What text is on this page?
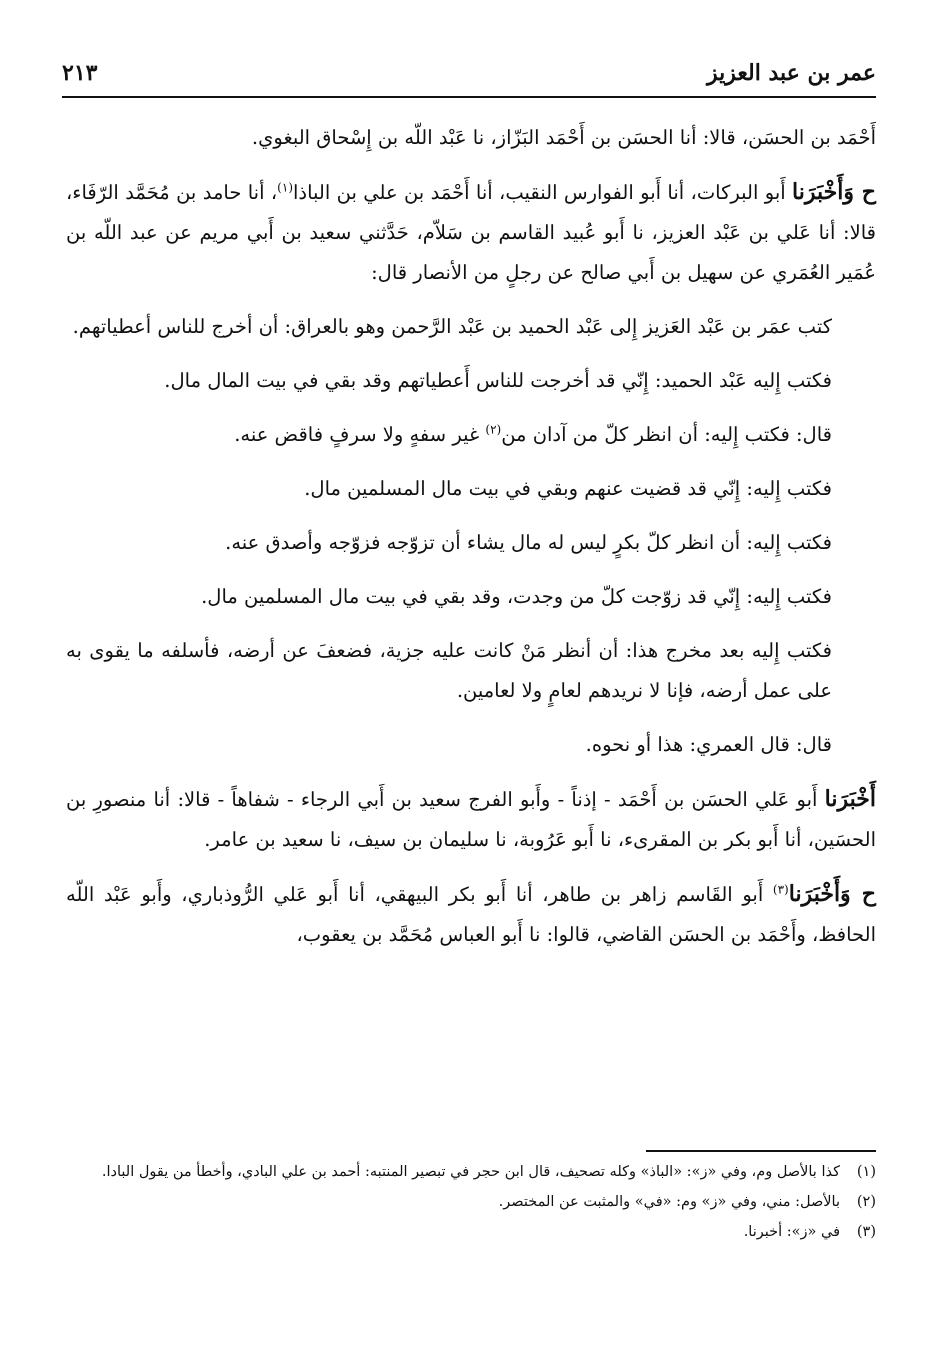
عمر بن عبد العزيز
٢١٣

أَحْمَد بن الحسَن، قالا: أنا الحسَن بن أَحْمَد البَزّاز، نا عَبْد اللّه بن إِسْحاق البغوي.

ح وَأَخْبَرَنا أَبو البركات، أنا أَبو الفوارس النقيب، أنا أَحْمَد بن علي بن الباذا$^{(١)}$، أنا حامد بن مُحَمَّد الرّفَاء، قالا: أنا عَلي بن عَبْد العزيز، نا أَبو عُبيد القاسم بن سَلاّم، حَدَّثني سعيد بن أَبي مريم عن عبد اللّه بن عُمَير العُمَري عن سهيل بن أَبي صالح عن رجلٍ من الأنصار قال:

كتب عمَر بن عَبْد العَزيز إِلى عَبْد الحميد بن عَبْد الرَّحمن وهو بالعراق: أن أخرج للناس أعطياتهم.

فكتب إِليه عَبْد الحميد: إِنّي قد أخرجت للناس أَعطياتهم وقد بقي في بيت المال مال.

قال: فكتب إِليه: أن انظر كلّ من آدان من$^{(٢)}$ غير سفهٍ ولا سرفٍ فاقض عنه.

فكتب إِليه: إِنّي قد قضيت عنهم وبقي في بيت مال المسلمين مال.

فكتب إِليه: أن انظر كلّ بكرٍ ليس له مال يشاء أن تزوّجه فزوّجه وأصدق عنه.

فكتب إِليه: إِنّي قد زوّجت كلّ من وجدت، وقد بقي في بيت مال المسلمين مال.

فكتب إِليه بعد مخرج هذا: أن أنظر مَنْ كانت عليه جزية، فضعفَ عن أرضه، فأسلفه ما يقوى به على عمل أرضه، فإنا لا نريدهم لعامٍ ولا لعامين.

قال: قال العمري: هذا أو نحوه.

أَخْبَرَنا أَبو عَلي الحسَن بن أَحْمَد - إذناً - وأَبو الفرج سعيد بن أَبي الرجاء - شفاهاً - قالا: أنا منصورِ بن الحسَين، أنا أَبو بكر بن المقرىء، نا أَبو عَرُوبة، نا سليمان بن سيف، نا سعيد بن عامر.

ح وَأَخْبَرَنا$^{(٣)}$ أَبو القَاسم زاهر بن طاهر، أنا أَبو بكر البيهقي، أنا أَبو عَلي الرُّوذباري، وأَبو عَبْد اللّه الحافظ، وأَحْمَد بن الحسَن القاضي، قالوا: نا أَبو العباس مُحَمَّد بن يعقوب،

(١)
كذا بالأصل وم، وفي «ز»: «الباذ» وكله تصحيف، قال ابن حجر في تبصير المنتبه: أحمد بن علي البادي، وأخطأ من يقول البادا.
(٢)
بالأصل: مني، وفي «ز» وم: «في» والمثبت عن المختصر.
(٣)
في «ز»: أخبرنا.
